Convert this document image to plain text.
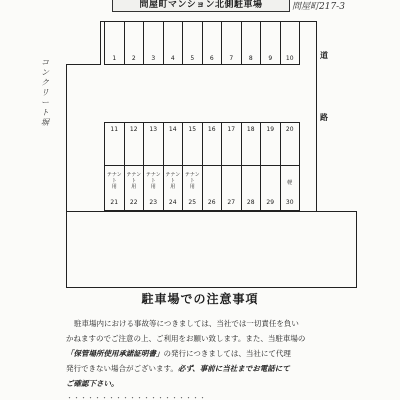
問屋町マンション北側駐車場	問屋町217-3
コンクリート塀
道
路
1	2	3	4	5	6	7	8	9	10
11	12	13	14	15	16	17	18	19	20
テナント
用
21
テナント
用
22
テナント
用
23
テナント
用
24
テナント
用
25	26	27	28	29
軽
30
駐車場での注意事項

駐車場内における事故等につきましては、当社では一切責任を負い

かねますのでご注意の上、ご利用をお願い致します。また、当駐車場の

「保管場所使用承諾証明書」の発行につきましては、当社にて代理

発行できない場合がございます。必ず、事前に当社までお電話にて

ご確認下さい。

・・・・・・・・・・・・・・・・・・・・
